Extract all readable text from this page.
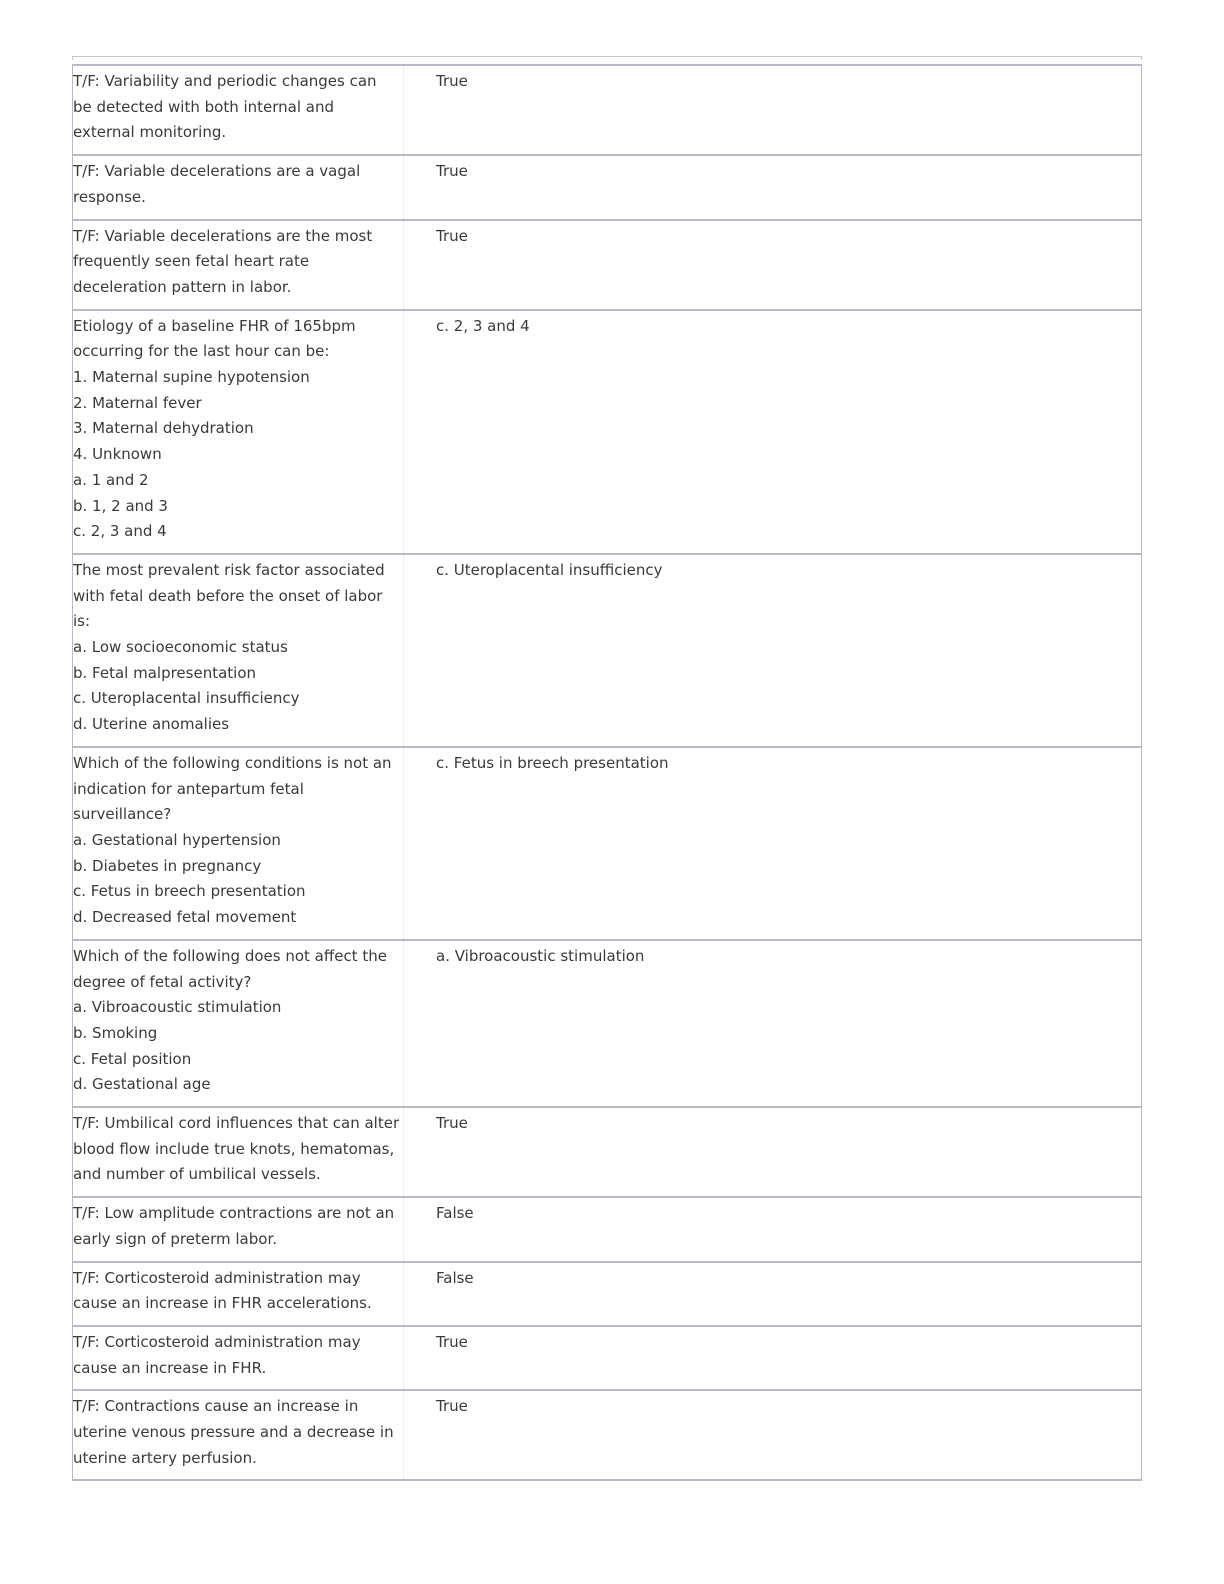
T/F: Variability and periodic changes can
be detected with both internal and
external monitoring.
True
T/F: Variable decelerations are a vagal
response.
True
T/F: Variable decelerations are the most
frequently seen fetal heart rate
deceleration pattern in labor.
True
Etiology of a baseline FHR of 165bpm
occurring for the last hour can be:
1. Maternal supine hypotension
2. Maternal fever
3. Maternal dehydration
4. Unknown
a. 1 and 2
b. 1, 2 and 3
c. 2, 3 and 4
c. 2, 3 and 4
The most prevalent risk factor associated
with fetal death before the onset of labor
is:
a. Low socioeconomic status
b. Fetal malpresentation
c. Uteroplacental insufficiency
d. Uterine anomalies
c. Uteroplacental insufficiency
Which of the following conditions is not an
indication for antepartum fetal
surveillance?
a. Gestational hypertension
b. Diabetes in pregnancy
c. Fetus in breech presentation
d. Decreased fetal movement
c. Fetus in breech presentation
Which of the following does not affect the
degree of fetal activity?
a. Vibroacoustic stimulation
b. Smoking
c. Fetal position
d. Gestational age
a. Vibroacoustic stimulation
T/F: Umbilical cord influences that can alter
blood flow include true knots, hematomas,
and number of umbilical vessels.
True
T/F: Low amplitude contractions are not an
early sign of preterm labor.
False
T/F: Corticosteroid administration may
cause an increase in FHR accelerations.
False
T/F: Corticosteroid administration may
cause an increase in FHR.
True
T/F: Contractions cause an increase in
uterine venous pressure and a decrease in
uterine artery perfusion.
True
